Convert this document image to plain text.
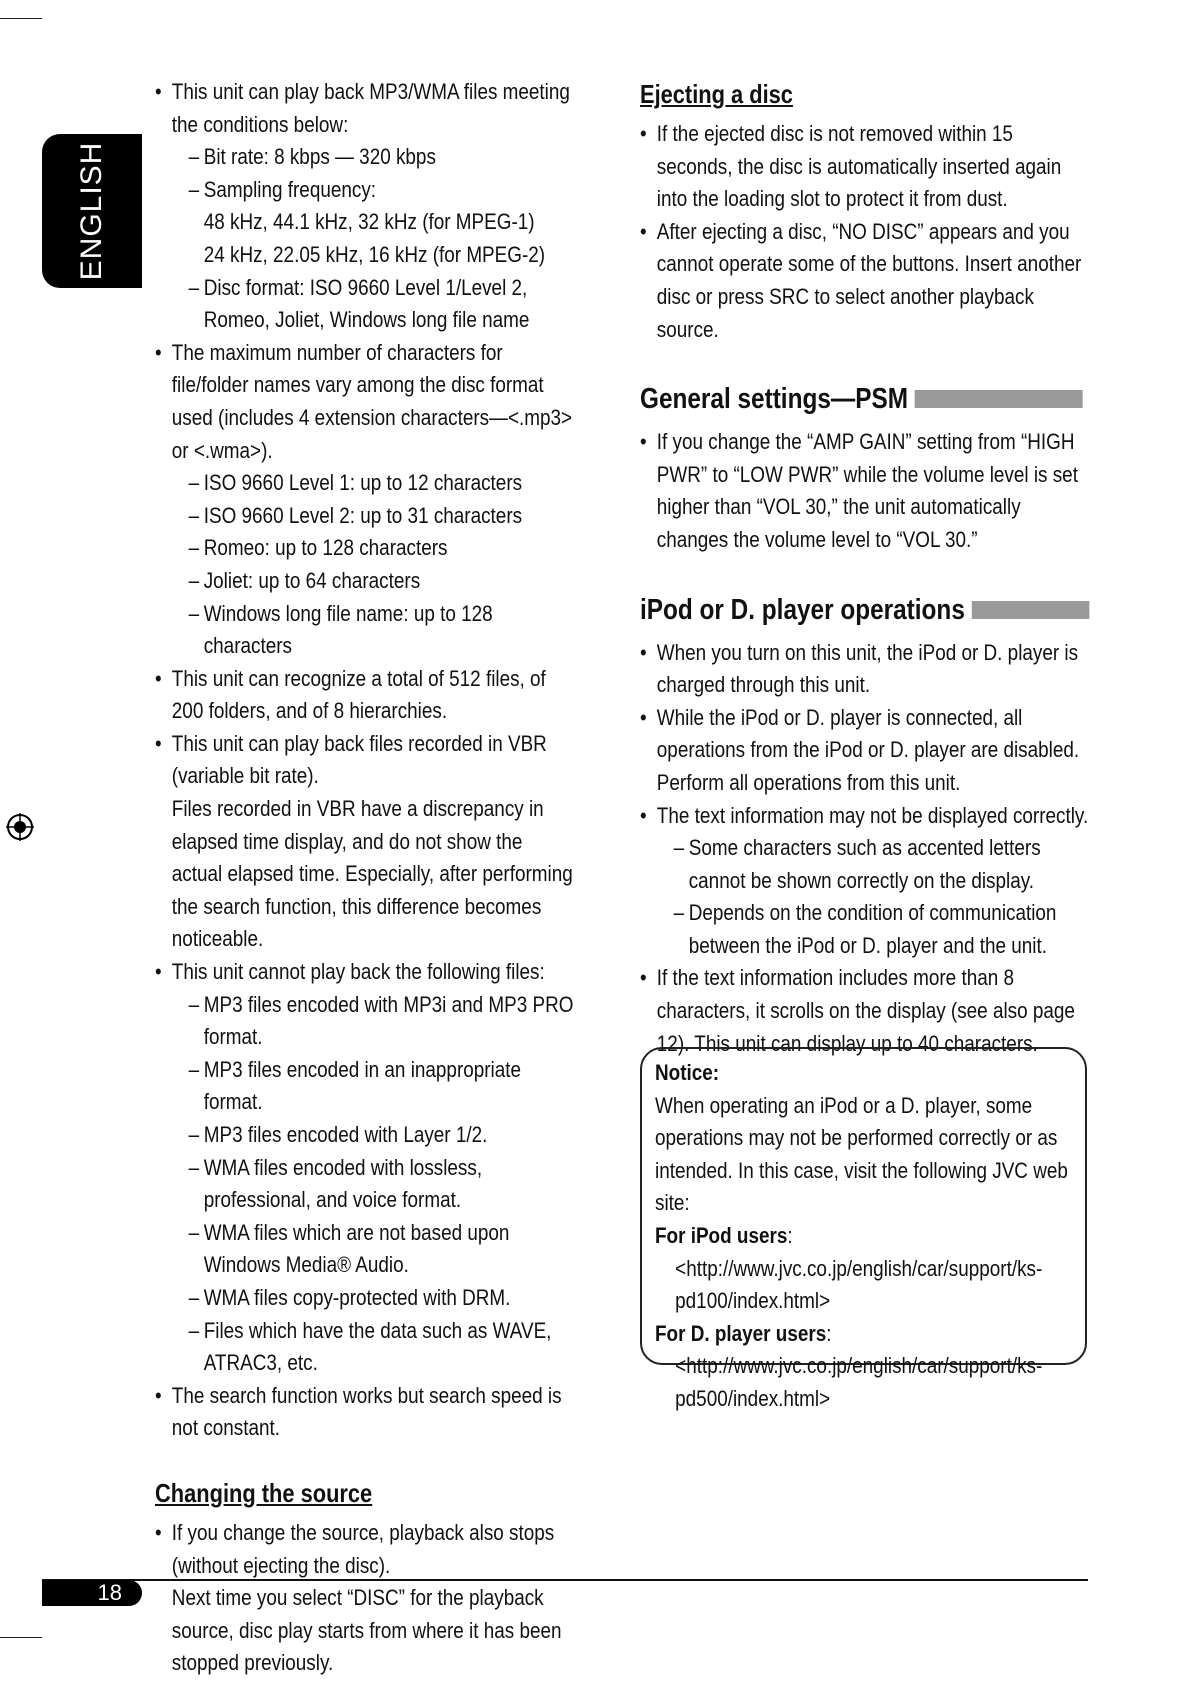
ENGLISH
• This unit can play back MP3/WMA files meeting the conditions below:
– Bit rate: 8 kbps — 320 kbps
– Sampling frequency:
48 kHz, 44.1 kHz, 32 kHz (for MPEG-1)
24 kHz, 22.05 kHz, 16 kHz (for MPEG-2)
– Disc format: ISO 9660 Level 1/Level 2, Romeo, Joliet, Windows long file name
• The maximum number of characters for file/folder names vary among the disc format used (includes 4 extension characters—<.mp3> or <.wma>).
– ISO 9660 Level 1: up to 12 characters
– ISO 9660 Level 2: up to 31 characters
– Romeo: up to 128 characters
– Joliet: up to 64 characters
– Windows long file name: up to 128 characters
• This unit can recognize a total of 512 files, of 200 folders, and of 8 hierarchies.
• This unit can play back files recorded in VBR (variable bit rate).
Files recorded in VBR have a discrepancy in elapsed time display, and do not show the actual elapsed time. Especially, after performing the search function, this difference becomes noticeable.
• This unit cannot play back the following files:
– MP3 files encoded with MP3i and MP3 PRO format.
– MP3 files encoded in an inappropriate format.
– MP3 files encoded with Layer 1/2.
– WMA files encoded with lossless, professional, and voice format.
– WMA files which are not based upon Windows Media® Audio.
– WMA files copy-protected with DRM.
– Files which have the data such as WAVE, ATRAC3, etc.
• The search function works but search speed is not constant.
Changing the source
• If you change the source, playback also stops (without ejecting the disc).
Next time you select “DISC” for the playback source, disc play starts from where it has been stopped previously.
Ejecting a disc
• If the ejected disc is not removed within 15 seconds, the disc is automatically inserted again into the loading slot to protect it from dust.
• After ejecting a disc, “NO DISC” appears and you cannot operate some of the buttons. Insert another disc or press SRC to select another playback source.
General settings—PSM
• If you change the “AMP GAIN” setting from “HIGH PWR” to “LOW PWR” while the volume level is set higher than “VOL 30,” the unit automatically changes the volume level to “VOL 30.”
iPod or D. player operations
• When you turn on this unit, the iPod or D. player is charged through this unit.
• While the iPod or D. player is connected, all operations from the iPod or D. player are disabled. Perform all operations from this unit.
• The text information may not be displayed correctly.
– Some characters such as accented letters cannot be shown correctly on the display.
– Depends on the condition of communication between the iPod or D. player and the unit.
• If the text information includes more than 8 characters, it scrolls on the display (see also page 12). This unit can display up to 40 characters.
Notice:
When operating an iPod or a D. player, some operations may not be performed correctly or as intended. In this case, visit the following JVC web site:
For iPod users: <http://www.jvc.co.jp/english/car/support/ks-pd100/index.html>
For D. player users: <http://www.jvc.co.jp/english/car/support/ks-pd500/index.html>
18
